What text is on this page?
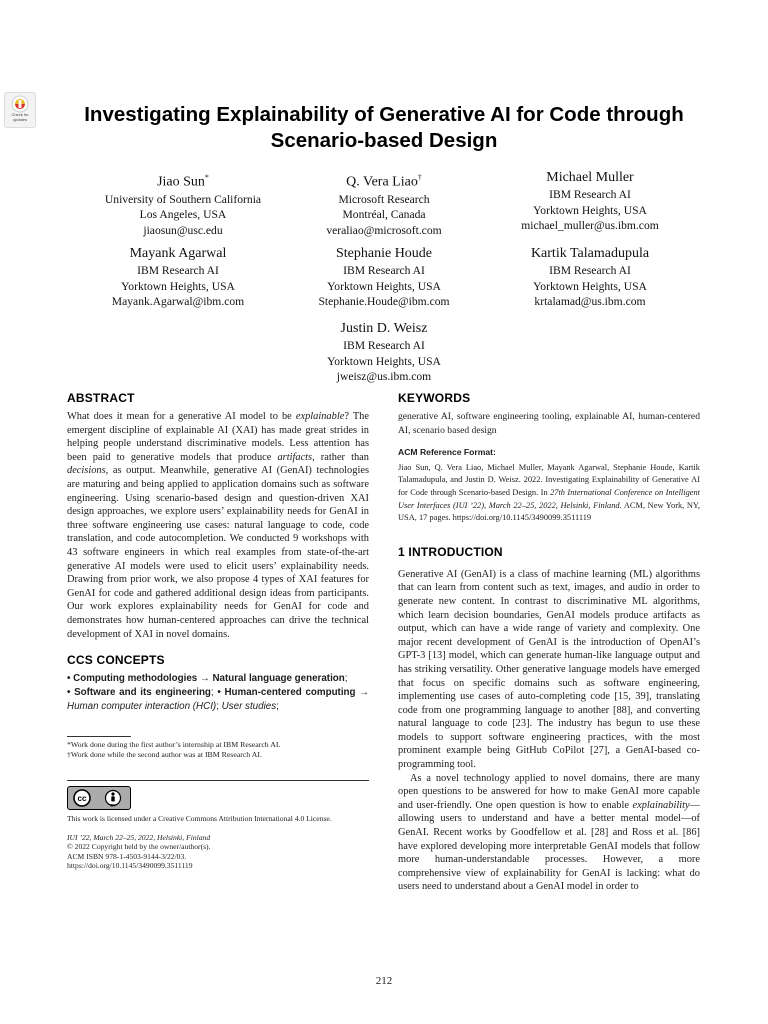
Check for
updates	Investigating Explainability of Generative AI for Code through
Scenario-based Design
Jiao Sun*
University of Southern California
Los Angeles, USA
jiaosun@usc.edu
Q. Vera Liao†
Microsoft Research
Montréal, Canada
veraliao@microsoft.com
Michael Muller
IBM Research AI
Yorktown Heights, USA
michael_muller@us.ibm.com
Mayank Agarwal
IBM Research AI
Yorktown Heights, USA
Mayank.Agarwal@ibm.com
Stephanie Houde
IBM Research AI
Yorktown Heights, USA
Stephanie.Houde@ibm.com
Kartik Talamadupula
IBM Research AI
Yorktown Heights, USA
krtalamad@us.ibm.com
Justin D. Weisz
IBM Research AI
Yorktown Heights, USA
jweisz@us.ibm.com
ABSTRACT

What does it mean for a generative AI model to be explainable? The emergent discipline of explainable AI (XAI) has made great strides in helping people understand discriminative models. Less attention has been paid to generative models that produce artifacts, rather than decisions, as output. Meanwhile, generative AI (GenAI) technologies are maturing and being applied to application domains such as software engineering. Using scenario-based design and question-driven XAI design approaches, we explore users’ explainability needs for GenAI in three software engineering use cases: natural language to code, code translation, and code autocompletion. We conducted 9 workshops with 43 software engineers in which real examples from state-of-the-art generative AI models were used to elicit users’ explainability needs. Drawing from prior work, we also propose 4 types of XAI features for GenAI for code and gathered additional design ideas from participants. Our work explores explainability needs for GenAI for code and demonstrates how human-centered approaches can drive the technical development of XAI in novel domains.

CCS CONCEPTS

• Computing methodologies → Natural language generation;
• Software and its engineering; • Human-centered computing → Human computer interaction (HCI); User studies;

*Work done during the first author’s internship at IBM Research AI.
†Work done while the second author was at IBM Research AI.
cc
BY
This work is licensed under a Creative Commons Attribution International 4.0 License.
IUI ’22, March 22–25, 2022, Helsinki, Finland
© 2022 Copyright held by the owner/author(s).
ACM ISBN 978-1-4503-9144-3/22/03.
https://doi.org/10.1145/3490099.3511119
KEYWORDS

generative AI, software engineering tooling, explainable AI, human-centered AI, scenario based design

ACM Reference Format:

Jiao Sun, Q. Vera Liao, Michael Muller, Mayank Agarwal, Stephanie Houde, Kartik Talamadupula, and Justin D. Weisz. 2022. Investigating Explainability of Generative AI for Code through Scenario-based Design. In 27th International Conference on Intelligent User Interfaces (IUI ’22), March 22–25, 2022, Helsinki, Finland. ACM, New York, NY, USA, 17 pages. https://doi.org/10.1145/3490099.3511119

1 INTRODUCTION

Generative AI (GenAI) is a class of machine learning (ML) algorithms that can learn from content such as text, images, and audio in order to generate new content. In contrast to discriminative ML algorithms, which learn decision boundaries, GenAI models produce artifacts as output, which can have a wide range of variety and complexity. One major recent development of GenAI is the introduction of OpenAI’s GPT-3 [13] model, which can generate human-like language output and has striking versatility. Other generative language models have emerged that focus on specific domains such as software engineering, implementing use cases of auto-completing code [15, 39], translating code from one programming language to another [88], and converting natural language to code [23]. The industry has begun to use these models to support software engineering practices, with the most prominent example being GitHub CoPilot [27], a GenAI-based co-programming tool.

As a novel technology applied to novel domains, there are many open questions to be answered for how to make GenAI more capable and user-friendly. One open question is how to enable explainability—allowing users to understand and have a better mental model—of GenAI. Recent works by Goodfellow et al. [28] and Ross et al. [86] have explored developing more interpretable GenAI models that follow more human-understandable processes. However, a more comprehensive view of explainability for GenAI is lacking: what do users need to understand about a GenAI model in order to

212
